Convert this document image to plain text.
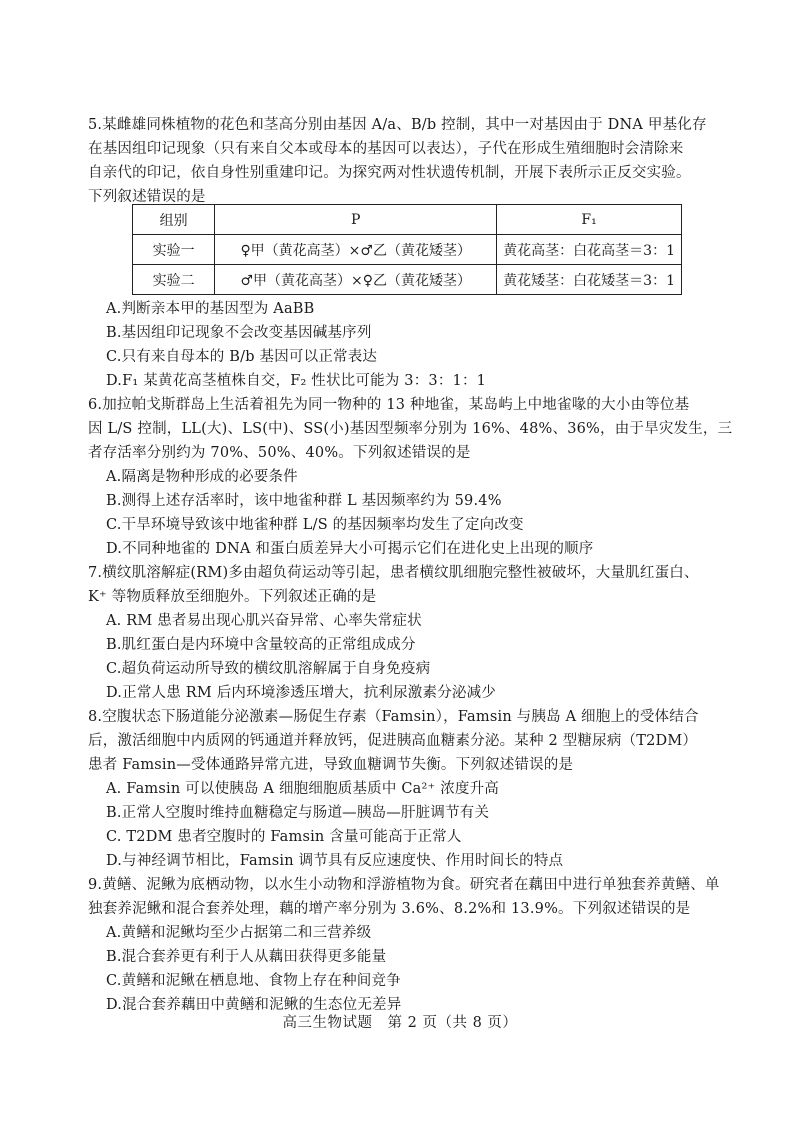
5.某雌雄同株植物的花色和茎高分别由基因 A/a、B/b 控制，其中一对基因由于 DNA 甲基化存
在基因组印记现象（只有来自父本或母本的基因可以表达），子代在形成生殖细胞时会清除来
自亲代的印记，依自身性别重建印记。为探究两对性状遗传机制，开展下表所示正反交实验。
下列叙述错误的是
组别	P	F₁
实验一	♀甲（黄花高茎）×♂乙（黄花矮茎）	黄花高茎：白花高茎＝3：1
实验二	♂甲（黄花高茎）×♀乙（黄花矮茎）	黄花矮茎：白花矮茎＝3：1
A.判断亲本甲的基因型为 AaBB
B.基因组印记现象不会改变基因碱基序列
C.只有来自母本的 B/b 基因可以正常表达
D.F₁ 某黄花高茎植株自交，F₂ 性状比可能为 3：3：1：1
6.加拉帕戈斯群岛上生活着祖先为同一物种的 13 种地雀，某岛屿上中地雀喙的大小由等位基
因 L/S 控制，LL(大)、LS(中)、SS(小)基因型频率分别为 16%、48%、36%，由于旱灾发生，三
者存活率分别约为 70%、50%、40%。下列叙述错误的是
A.隔离是物种形成的必要条件
B.测得上述存活率时，该中地雀种群 L 基因频率约为 59.4%
C.干旱环境导致该中地雀种群 L/S 的基因频率均发生了定向改变
D.不同种地雀的 DNA 和蛋白质差异大小可揭示它们在进化史上出现的顺序
7.横纹肌溶解症(RM)多由超负荷运动等引起，患者横纹肌细胞完整性被破坏，大量肌红蛋白、
K⁺ 等物质释放至细胞外。下列叙述正确的是
A. RM 患者易出现心肌兴奋异常、心率失常症状
B.肌红蛋白是内环境中含量较高的正常组成成分
C.超负荷运动所导致的横纹肌溶解属于自身免疫病
D.正常人患 RM 后内环境渗透压增大，抗利尿激素分泌减少
8.空腹状态下肠道能分泌激素—肠促生存素（Famsin），Famsin 与胰岛 A 细胞上的受体结合
后，激活细胞中内质网的钙通道并释放钙，促进胰高血糖素分泌。某种 2 型糖尿病（T2DM）
患者 Famsin—受体通路异常亢进，导致血糖调节失衡。下列叙述错误的是
A. Famsin 可以使胰岛 A 细胞细胞质基质中 Ca²⁺ 浓度升高
B.正常人空腹时维持血糖稳定与肠道—胰岛—肝脏调节有关
C. T2DM 患者空腹时的 Famsin 含量可能高于正常人
D.与神经调节相比，Famsin 调节具有反应速度快、作用时间长的特点
9.黄鳝、泥鳅为底栖动物，以水生小动物和浮游植物为食。研究者在藕田中进行单独套养黄鳝、单
独套养泥鳅和混合套养处理，藕的增产率分别为 3.6%、8.2%和 13.9%。下列叙述错误的是
A.黄鳝和泥鳅均至少占据第二和三营养级
B.混合套养更有利于人从藕田获得更多能量
C.黄鳝和泥鳅在栖息地、食物上存在种间竞争
D.混合套养藕田中黄鳝和泥鳅的生态位无差异
高三生物试题　第 2 页（共 8 页）
